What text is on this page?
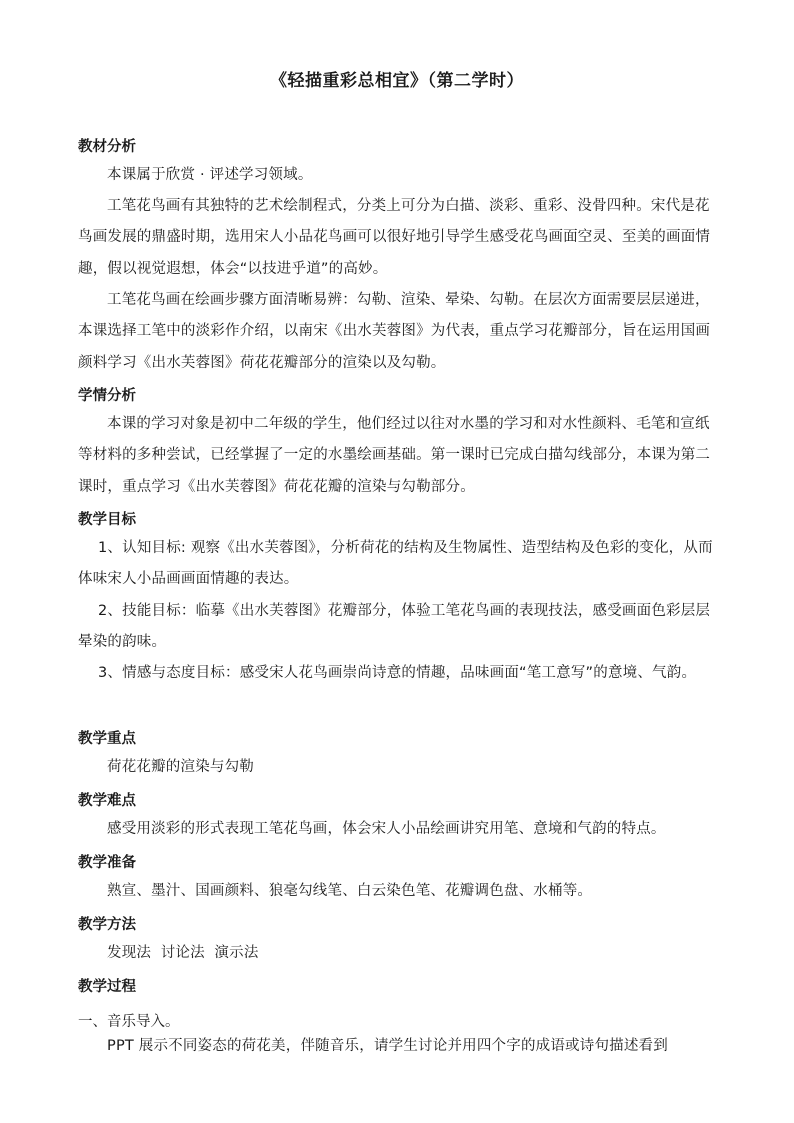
《轻描重彩总相宜》（第二学时）
教材分析
本课属于欣赏 · 评述学习领域。
工笔花鸟画有其独特的艺术绘制程式，分类上可分为白描、淡彩、重彩、没骨四种。宋代是花鸟画发展的鼎盛时期，选用宋人小品花鸟画可以很好地引导学生感受花鸟画面空灵、至美的画面情趣，假以视觉遐想，体会“以技进乎道”的高妙。
工笔花鸟画在绘画步骤方面清晰易辨：勾勒、渲染、晕染、勾勒。在层次方面需要层层递进，本课选择工笔中的淡彩作介绍，以南宋《出水芙蓉图》为代表，重点学习花瓣部分，旨在运用国画颜料学习《出水芙蓉图》荷花花瓣部分的渲染以及勾勒。
学情分析
本课的学习对象是初中二年级的学生，他们经过以往对水墨的学习和对水性颜料、毛笔和宣纸等材料的多种尝试，已经掌握了一定的水墨绘画基础。第一课时已完成白描勾线部分，本课为第二课时，重点学习《出水芙蓉图》荷花花瓣的渲染与勾勒部分。
教学目标
1、认知目标: 观察《出水芙蓉图》，分析荷花的结构及生物属性、造型结构及色彩的变化，从而体味宋人小品画画面情趣的表达。
2、技能目标：临摹《出水芙蓉图》花瓣部分，体验工笔花鸟画的表现技法，感受画面色彩层层晕染的韵味。
3、情感与态度目标：感受宋人花鸟画崇尚诗意的情趣，品味画面“笔工意写”的意境、气韵。
教学重点
荷花花瓣的渲染与勾勒
教学难点
感受用淡彩的形式表现工笔花鸟画，体会宋人小品绘画讲究用笔、意境和气韵的特点。
教学准备
熟宣、墨汁、国画颜料、狼毫勾线笔、白云染色笔、花瓣调色盘、水桶等。
教学方法
发现法  讨论法  演示法
教学过程
一、音乐导入。
PPT 展示不同姿态的荷花美，伴随音乐，请学生讨论并用四个字的成语或诗句描述看到
